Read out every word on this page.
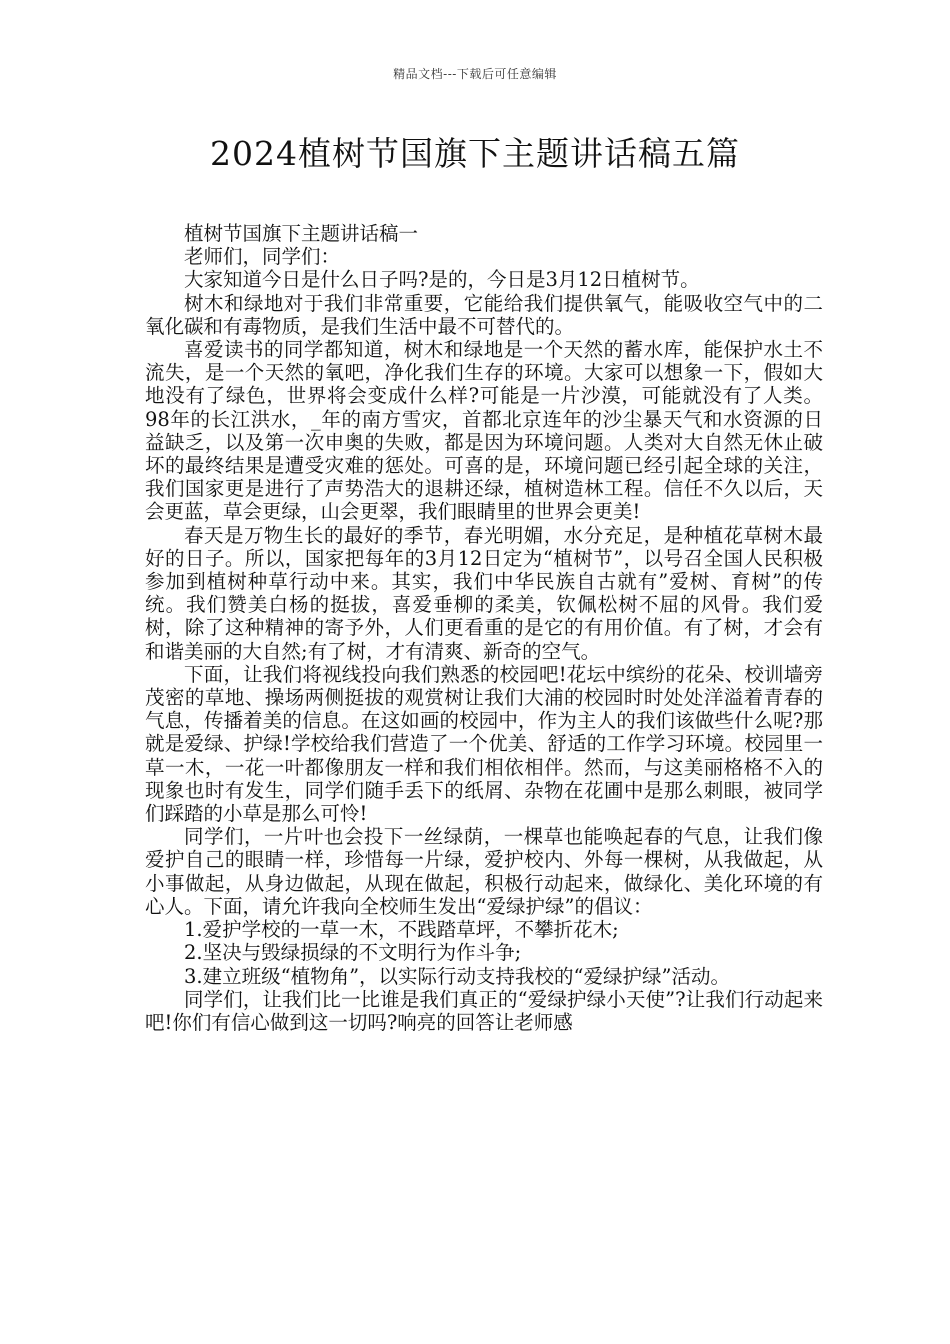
精品文档---下载后可任意编辑
2024植树节国旗下主题讲话稿五篇

植树节国旗下主题讲话稿一

老师们，同学们：

大家知道今日是什么日子吗?是的，今日是3月12日植树节。

树木和绿地对于我们非常重要，它能给我们提供氧气，能吸收空气中的二氧化碳和有毒物质，是我们生活中最不可替代的。

喜爱读书的同学都知道，树木和绿地是一个天然的蓄水库，能保护水土不流失，是一个天然的氧吧，净化我们生存的环境。大家可以想象一下，假如大地没有了绿色，世界将会变成什么样?可能是一片沙漠，可能就没有了人类。98年的长江洪水，_年的南方雪灾，首都北京连年的沙尘暴天气和水资源的日益缺乏，以及第一次申奥的失败，都是因为环境问题。人类对大自然无休止破坏的最终结果是遭受灾难的惩处。可喜的是，环境问题已经引起全球的关注，我们国家更是进行了声势浩大的退耕还绿，植树造林工程。信任不久以后，天会更蓝，草会更绿，山会更翠，我们眼睛里的世界会更美!

春天是万物生长的最好的季节，春光明媚，水分充足，是种植花草树木最好的日子。所以，国家把每年的3月12日定为“植树节”，以号召全国人民积极参加到植树种草行动中来。其实，我们中华民族自古就有”爱树、育树”的传统。我们赞美白杨的挺拔，喜爱垂柳的柔美，钦佩松树不屈的风骨。我们爱树，除了这种精神的寄予外，人们更看重的是它的有用价值。有了树，才会有和谐美丽的大自然;有了树，才有清爽、新奇的空气。

下面，让我们将视线投向我们熟悉的校园吧!花坛中缤纷的花朵、校训墙旁茂密的草地、操场两侧挺拔的观赏树让我们大浦的校园时时处处洋溢着青春的气息，传播着美的信息。在这如画的校园中，作为主人的我们该做些什么呢?那就是爱绿、护绿!学校给我们营造了一个优美、舒适的工作学习环境。校园里一草一木，一花一叶都像朋友一样和我们相依相伴。然而，与这美丽格格不入的现象也时有发生，同学们随手丢下的纸屑、杂物在花圃中是那么刺眼，被同学们踩踏的小草是那么可怜!

同学们，一片叶也会投下一丝绿荫，一棵草也能唤起春的气息，让我们像爱护自己的眼睛一样，珍惜每一片绿，爱护校内、外每一棵树，从我做起，从小事做起，从身边做起，从现在做起，积极行动起来，做绿化、美化环境的有心人。下面，请允许我向全校师生发出“爱绿护绿”的倡议：

1.爱护学校的一草一木，不践踏草坪，不攀折花木;

2.坚决与毁绿损绿的不文明行为作斗争;

3.建立班级“植物角”，以实际行动支持我校的“爱绿护绿”活动。

同学们，让我们比一比谁是我们真正的“爱绿护绿小天使”?让我们行动起来吧!你们有信心做到这一切吗?响亮的回答让老师感
